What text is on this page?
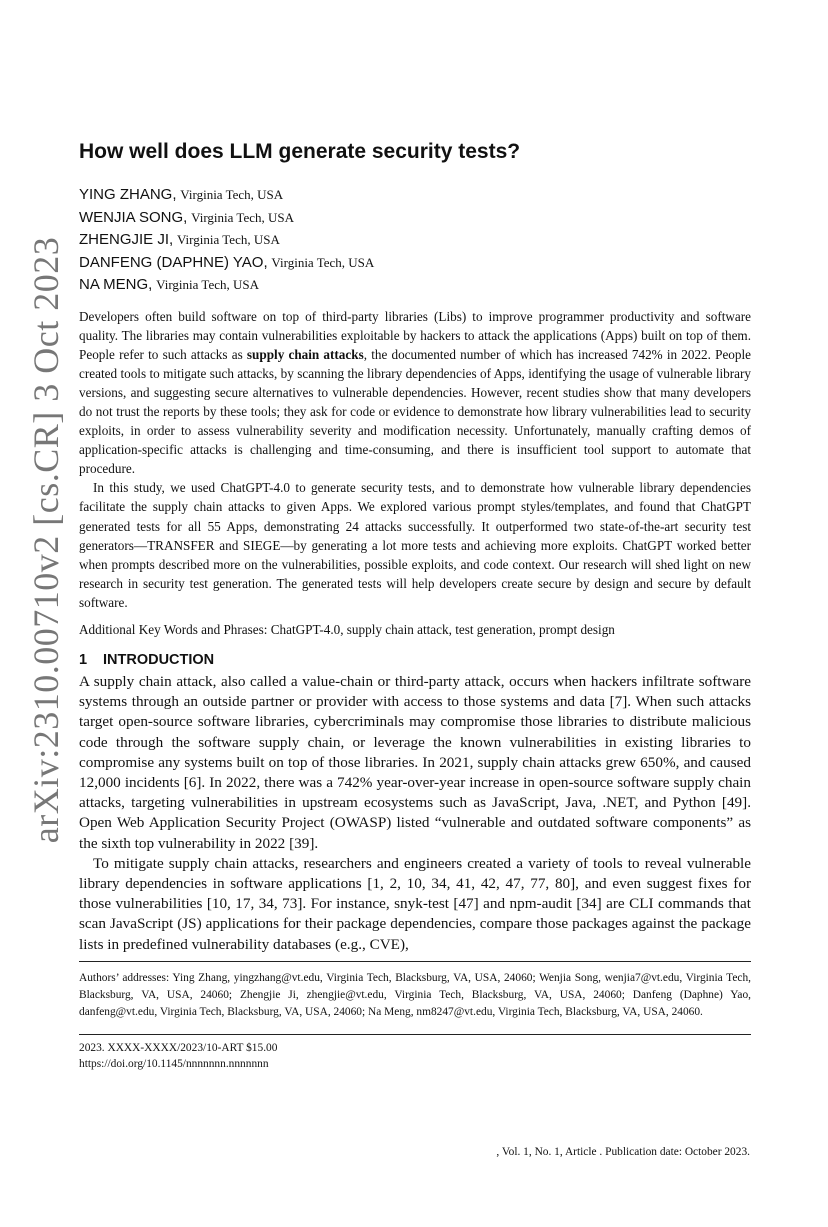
arXiv:2310.00710v2 [cs.CR] 3 Oct 2023
How well does LLM generate security tests?
YING ZHANG, Virginia Tech, USA
WENJIA SONG, Virginia Tech, USA
ZHENGJIE JI, Virginia Tech, USA
DANFENG (DAPHNE) YAO, Virginia Tech, USA
NA MENG, Virginia Tech, USA

Developers often build software on top of third-party libraries (Libs) to improve programmer productivity and software quality. The libraries may contain vulnerabilities exploitable by hackers to attack the applications (Apps) built on top of them. People refer to such attacks as supply chain attacks, the documented number of which has increased 742% in 2022. People created tools to mitigate such attacks, by scanning the library dependencies of Apps, identifying the usage of vulnerable library versions, and suggesting secure alternatives to vulnerable dependencies. However, recent studies show that many developers do not trust the reports by these tools; they ask for code or evidence to demonstrate how library vulnerabilities lead to security exploits, in order to assess vulnerability severity and modification necessity. Unfortunately, manually crafting demos of application-specific attacks is challenging and time-consuming, and there is insufficient tool support to automate that procedure.

In this study, we used ChatGPT-4.0 to generate security tests, and to demonstrate how vulnerable library dependencies facilitate the supply chain attacks to given Apps. We explored various prompt styles/templates, and found that ChatGPT generated tests for all 55 Apps, demonstrating 24 attacks successfully. It outperformed two state-of-the-art security test generators—TRANSFER and SIEGE—by generating a lot more tests and achieving more exploits. ChatGPT worked better when prompts described more on the vulnerabilities, possible exploits, and code context. Our research will shed light on new research in security test generation. The generated tests will help developers create secure by design and secure by default software.

Additional Key Words and Phrases: ChatGPT-4.0, supply chain attack, test generation, prompt design
1 INTRODUCTION

A supply chain attack, also called a value-chain or third-party attack, occurs when hackers infiltrate software systems through an outside partner or provider with access to those systems and data [7]. When such attacks target open-source software libraries, cybercriminals may compromise those libraries to distribute malicious code through the software supply chain, or leverage the known vulnerabilities in existing libraries to compromise any systems built on top of those libraries. In 2021, supply chain attacks grew 650%, and caused 12,000 incidents [6]. In 2022, there was a 742% year-over-year increase in open-source software supply chain attacks, targeting vulnerabilities in upstream ecosystems such as JavaScript, Java, .NET, and Python [49]. Open Web Application Security Project (OWASP) listed “vulnerable and outdated software components” as the sixth top vulnerability in 2022 [39].

To mitigate supply chain attacks, researchers and engineers created a variety of tools to reveal vulnerable library dependencies in software applications [1, 2, 10, 34, 41, 42, 47, 77, 80], and even suggest fixes for those vulnerabilities [10, 17, 34, 73]. For instance, snyk-test [47] and npm-audit [34] are CLI commands that scan JavaScript (JS) applications for their package dependencies, compare those packages against the package lists in predefined vulnerability databases (e.g., CVE),

Authors’ addresses: Ying Zhang, yingzhang@vt.edu, Virginia Tech, Blacksburg, VA, USA, 24060; Wenjia Song, wenjia7@vt.edu, Virginia Tech, Blacksburg, VA, USA, 24060; Zhengjie Ji, zhengjie@vt.edu, Virginia Tech, Blacksburg, VA, USA, 24060; Danfeng (Daphne) Yao, danfeng@vt.edu, Virginia Tech, Blacksburg, VA, USA, 24060; Na Meng, nm8247@vt.edu, Virginia Tech, Blacksburg, VA, USA, 24060.

2023. XXXX-XXXX/2023/10-ART $15.00
https://doi.org/10.1145/nnnnnnn.nnnnnnn
, Vol. 1, No. 1, Article . Publication date: October 2023.
